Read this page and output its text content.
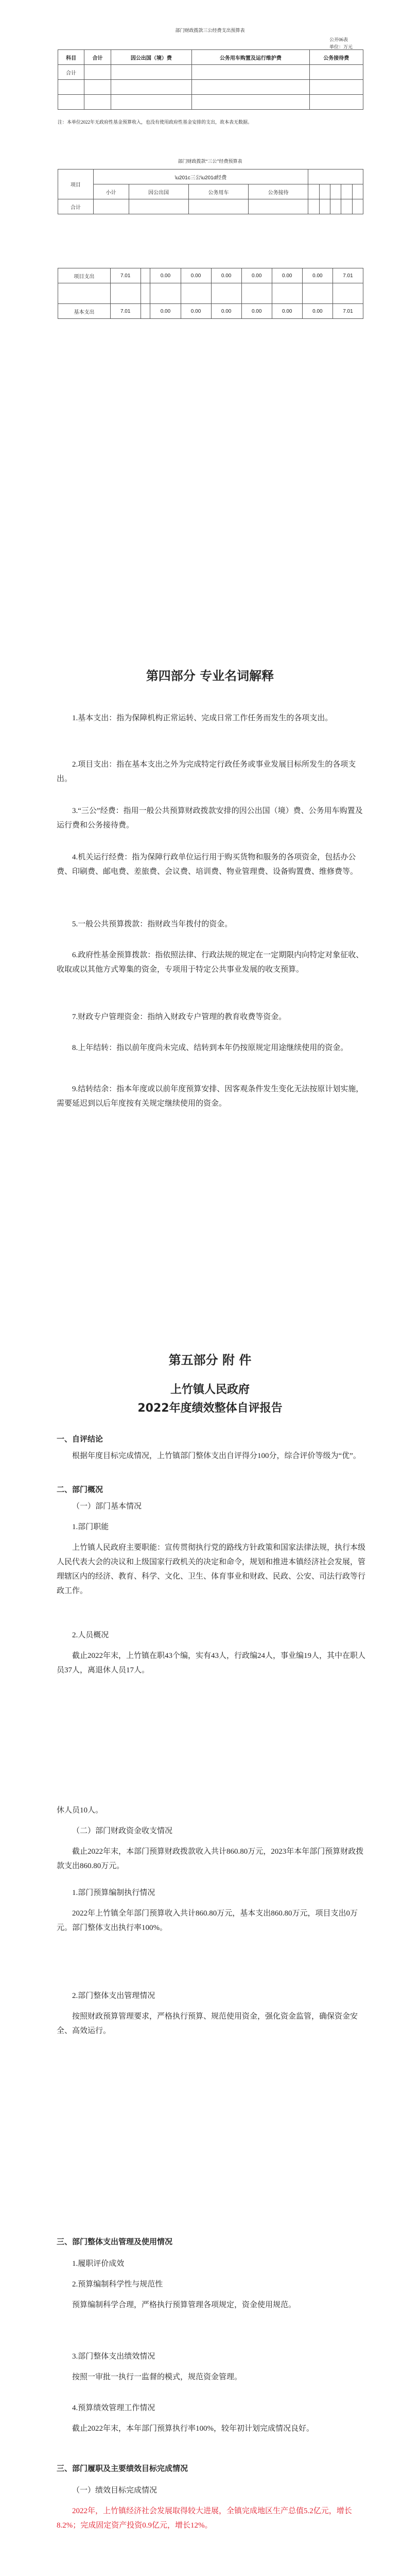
部门财政拨款三公经费支出预算表
公开06表
单位：万元
科目	合计	因公出国（境）费	公务用车购置及运行维护费	公务接待费
合计				

注：本单位2022年无政府性基金预算收入，也没有使用政府性基金安排的支出，故本表无数据。
部门财政拨款“三公”经费预算表
项目	\u201c三公\u201d经费								
	小计	因公出国	公务用车	公务接待					
合计									
项目支出	7.01		0.00	0.00	0.00	0.00	0.00	0.00	7.01

基本支出	7.01		0.00	0.00	0.00	0.00	0.00	0.00	7.01
第四部分 专业名词解释
1.基本支出：指为保障机构正常运转、完成日常工作任务而发生的各项支出。
2.项目支出：指在基本支出之外为完成特定行政任务或事业发展目标所发生的各项支出。
3.“三公”经费：指用一般公共预算财政拨款安排的因公出国（境）费、公务用车购置及运行费和公务接待费。
4.机关运行经费：指为保障行政单位运行用于购买货物和服务的各项资金，包括办公费、印刷费、邮电费、差旅费、会议费、培训费、物业管理费、设备购置费、维修费等。
5.一般公共预算拨款：指财政当年拨付的资金。
6.政府性基金预算拨款：指依照法律、行政法规的规定在一定期限内向特定对象征收、收取或以其他方式筹集的资金，专项用于特定公共事业发展的收支预算。
7.财政专户管理资金：指纳入财政专户管理的教育收费等资金。
8.上年结转：指以前年度尚未完成、结转到本年仍按原规定用途继续使用的资金。
9.结转结余：指本年度或以前年度预算安排、因客观条件发生变化无法按原计划实施，需要延迟到以后年度按有关规定继续使用的资金。
第五部分 附 件
上竹镇人民政府
2022年度绩效整体自评报告
一、自评结论
根据年度目标完成情况，上竹镇部门整体支出自评得分100分，综合评价等级为“优”。
二、部门概况
（一）部门基本情况
1.部门职能
上竹镇人民政府主要职能：宣传贯彻执行党的路线方针政策和国家法律法规，执行本级人民代表大会的决议和上级国家行政机关的决定和命令，规划和推进本镇经济社会发展，管理辖区内的经济、教育、科学、文化、卫生、体育事业和财政、民政、公安、司法行政等行政工作。
2.人员概况
截止2022年末，上竹镇在职43个编，实有43人，行政编24人，事业编19人，其中在职人员37人，离退休人员17人。
休人员10人。
（二）部门财政资金收支情况
截止2022年末，本部门预算财政拨款收入共计860.80万元，2023年本年部门预算财政拨款支出860.80万元。
1.部门预算编制执行情况
2022年上竹镇全年部门预算收入共计860.80万元，基本支出860.80万元，项目支出0万元。部门整体支出执行率100%。
2.部门整体支出管理情况
按照财政预算管理要求，严格执行预算、规范使用资金，强化资金监管，确保资金安全、高效运行。
三、部门整体支出管理及使用情况
1.履职评价成效
2.预算编制科学性与规范性
预算编制科学合理，严格执行预算管理各项规定，资金使用规范。
3.部门整体支出绩效情况
按照一审批一执行一监督的模式，规范资金管理。
4.预算绩效管理工作情况
截止2022年末，本年部门预算执行率100%，较年初计划完成情况良好。
三、部门履职及主要绩效目标完成情况
（一）绩效目标完成情况
2022年，上竹镇经济社会发展取得较大进展，全镇完成地区生产总值5.2亿元，增长8.2%；完成固定资产投资0.9亿元，增长12%。
